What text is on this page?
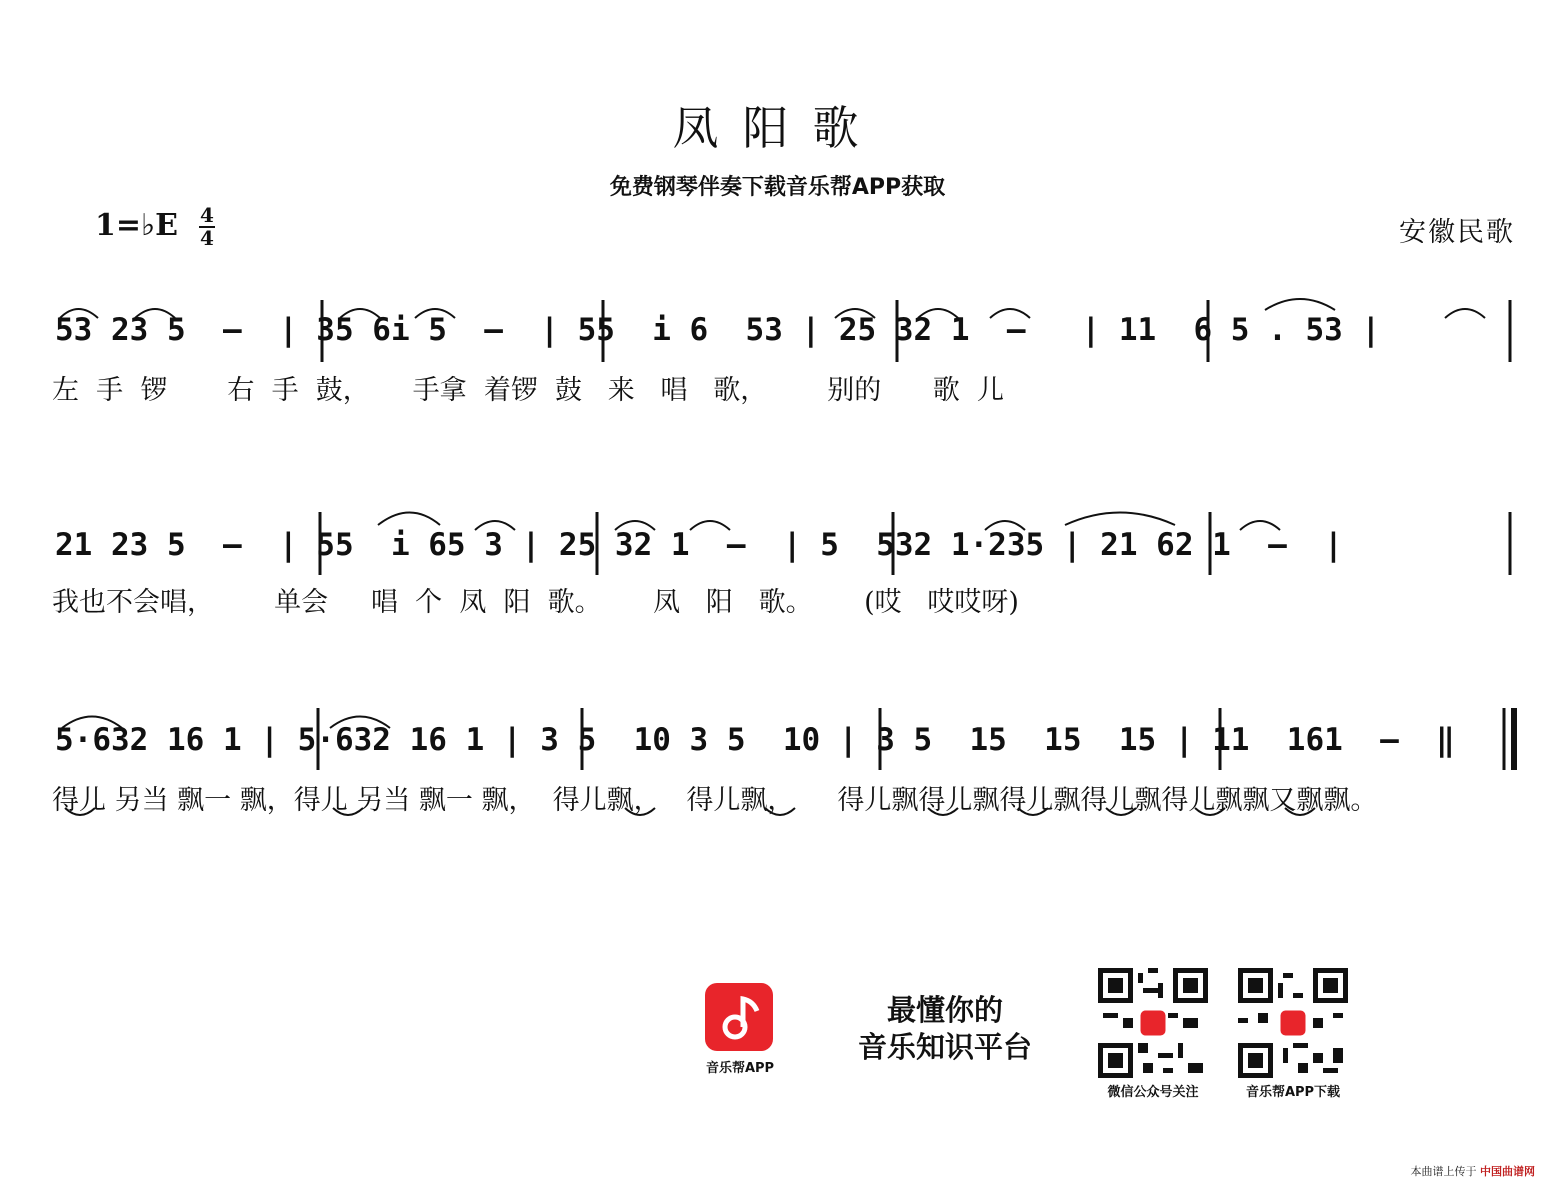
凤阳歌
免费钢琴伴奏下载音乐帮APP获取
1=♭E 4
4	安徽民歌
53 23 5  –  | 35 6i 5  –  | 55  i 6  53 | 25 32 1  –   | 11  6 5 . 53 |
左  手  锣       右  手  鼓，     手拿  着锣  鼓   来   唱   歌，       别的      歌  儿
21 23 5  –  | 55  i 65 3 | 25 32 1  –  | 5  532 1·235 | 21 62 1  –  |
我也不会唱，       单会     唱  个  凤  阳  歌。      凤   阳   歌。      (哎   哎哎呀)
5·632 16 1 | 5·632 16 1 | 3 5  10 3 5  10 | 3 5  15  15  15 | 11  161  –  ‖
得儿 另当 飘一 飘，得儿 另当 飘一 飘，  得儿飘，   得儿飘，     得儿飘得儿飘得儿飘得儿飘得儿飘飘又飘飘。
音乐帮APP
最懂你的
音乐知识平台
微信公众号关注	音乐帮APP下载
本曲谱上传于 中国曲谱网
